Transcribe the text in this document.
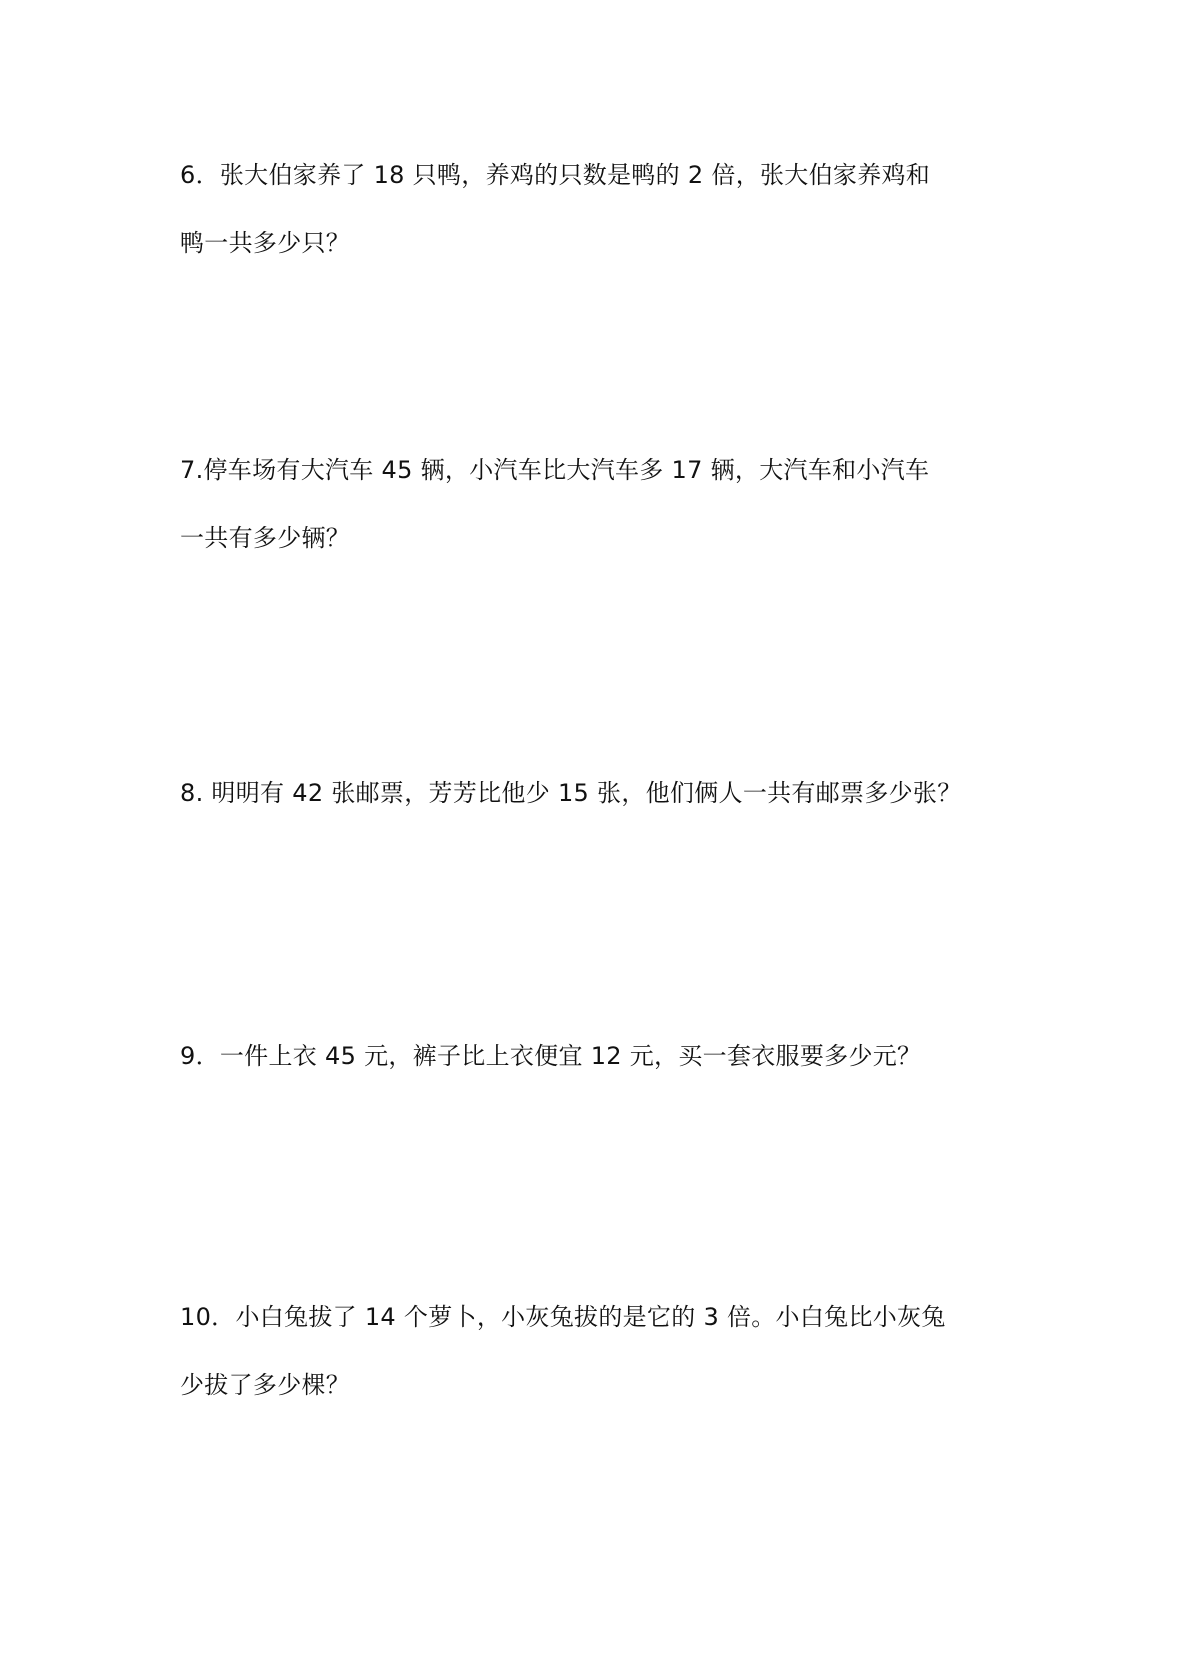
6．张大伯家养了 18 只鸭，养鸡的只数是鸭的 2 倍，张大伯家养鸡和
鸭一共多少只？
7.停车场有大汽车 45 辆，小汽车比大汽车多 17 辆，大汽车和小汽车
一共有多少辆？
8. 明明有 42 张邮票，芳芳比他少 15 张，他们俩人一共有邮票多少张？
9．一件上衣 45 元，裤子比上衣便宜 12 元，买一套衣服要多少元？
10．小白兔拔了 14 个萝卜，小灰兔拔的是它的 3 倍。小白兔比小灰兔
少拔了多少棵？
